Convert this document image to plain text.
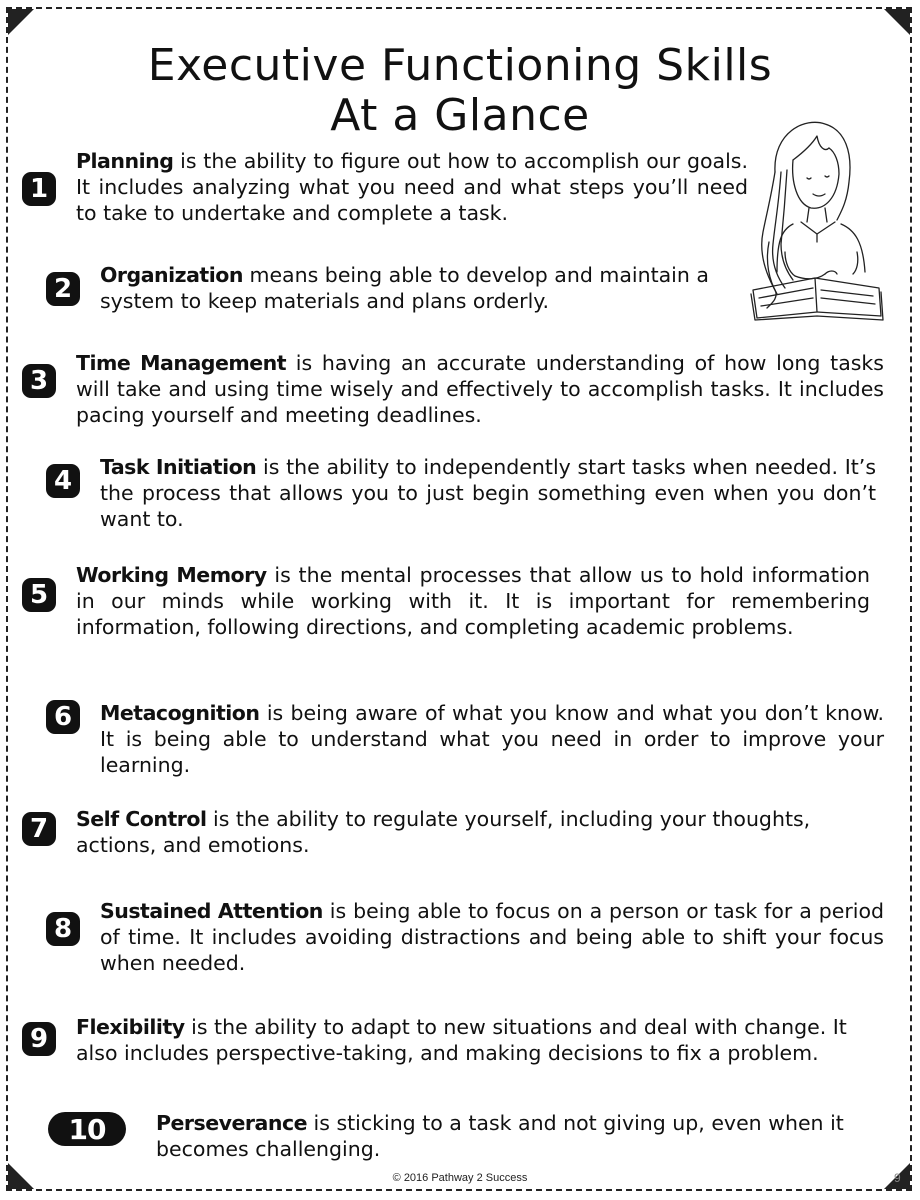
Executive Functioning Skills
At a Glance
1
Planning is the ability to figure out how to accomplish our goals. It includes analyzing what you need and what steps you’ll need to take to undertake and complete a task.
2	Organization means being able to develop and maintain a system to keep materials and plans orderly.
3
Time Management is having an accurate understanding of how long tasks will take and using time wisely and effectively to accomplish tasks. It includes pacing yourself and meeting deadlines.
4	Task Initiation is the ability to independently start tasks when needed. It’s the process that allows you to just begin something even when you don’t want to.
5
Working Memory is the mental processes that allow us to hold information in our minds while working with it. It is important for remembering information, following directions, and completing academic problems.
6	Metacognition is being aware of what you know and what you don’t know. It is being able to understand what you need in order to improve your learning.
7	Self Control is the ability to regulate yourself, including your thoughts, actions, and emotions.
8
Sustained Attention is being able to focus on a person or task for a period of time. It includes avoiding distractions and being able to shift your focus when needed.
9	Flexibility is the ability to adapt to new situations and deal with change. It also includes perspective-taking, and making decisions to fix a problem.
10	Perseverance is sticking to a task and not giving up, even when it becomes challenging.
© 2016 Pathway 2 Success	9
